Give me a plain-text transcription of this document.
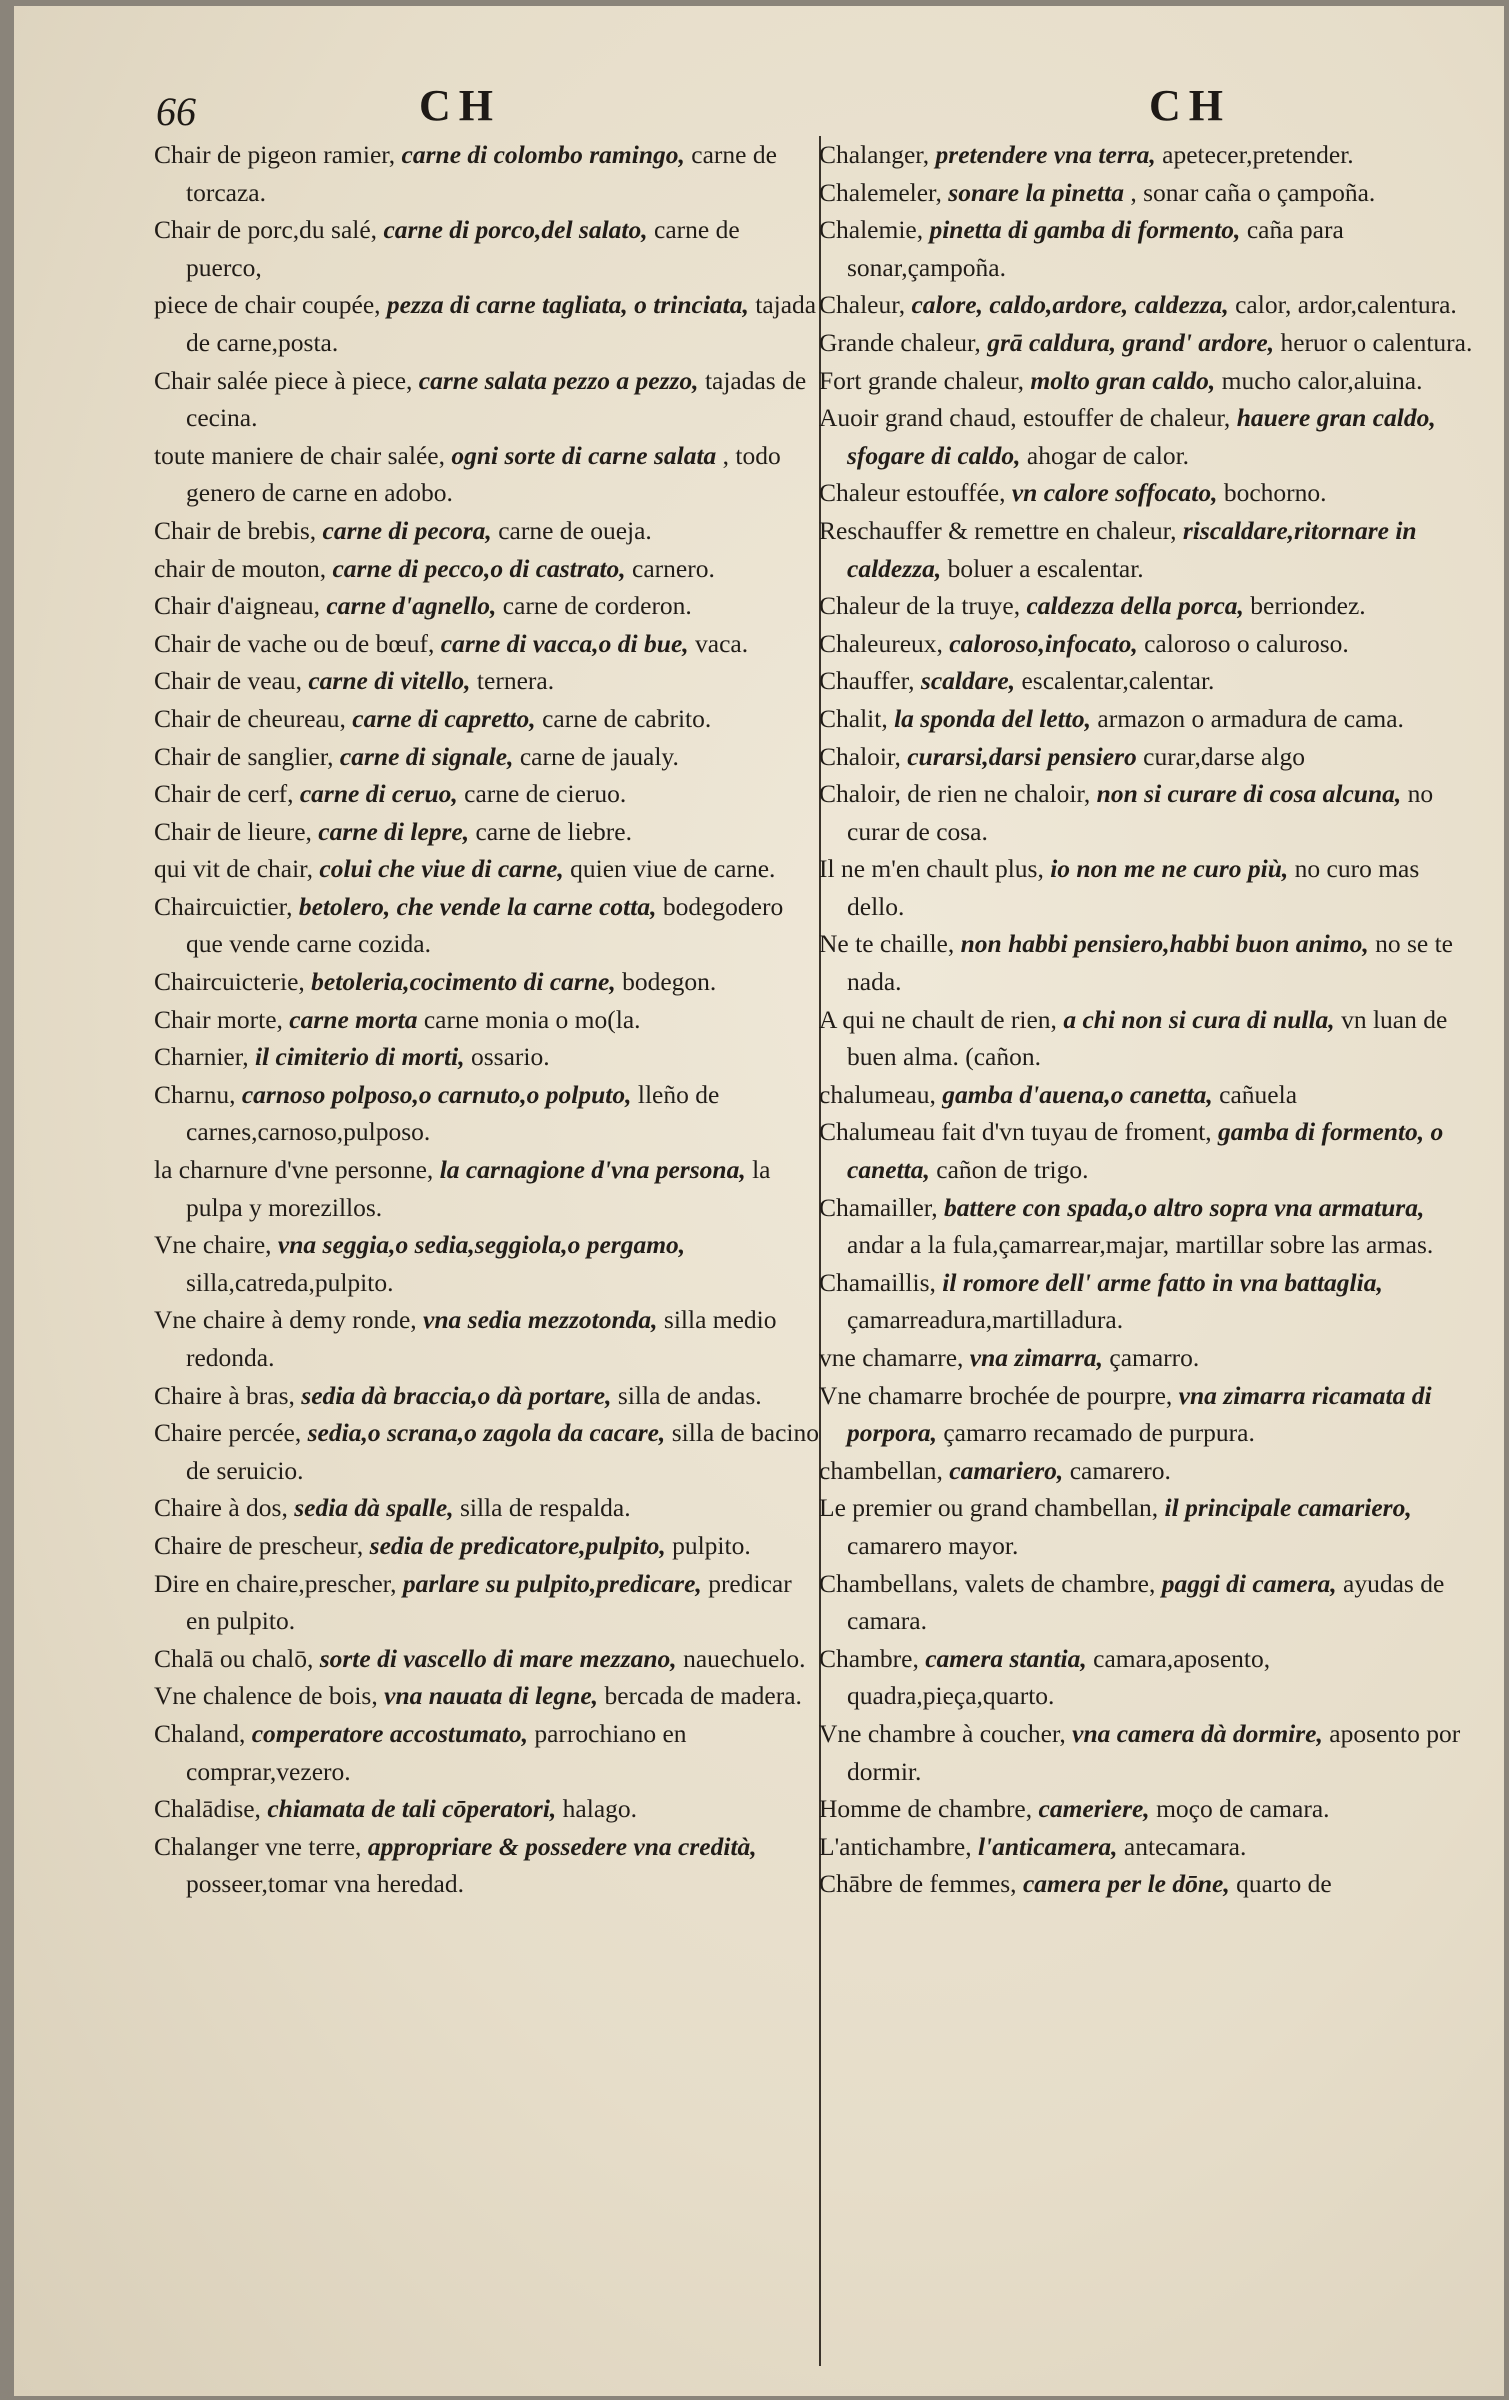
66	CH	CH
Chair de pigeon ramier, carne di colombo ramingo, carne de torcaza.
Chair de porc,du salé, carne di porco,del salato, carne de puerco,
piece de chair coupée, pezza di carne tagliata, o trinciata, tajada de carne,posta.
Chair salée piece à piece, carne salata pezzo a pezzo, tajadas de cecina.
toute maniere de chair salée, ogni sorte di carne salata , todo genero de carne en adobo.
Chair de brebis, carne di pecora, carne de oueja.
chair de mouton, carne di pecco,o di castrato, carnero.
Chair d'aigneau, carne d'agnello, carne de corderon.
Chair de vache ou de bœuf, carne di vacca,o di bue, vaca.
Chair de veau, carne di vitello, ternera.
Chair de cheureau, carne di capretto, carne de cabrito.
Chair de sanglier, carne di signale, carne de jaualy.
Chair de cerf, carne di ceruo, carne de cieruo.
Chair de lieure, carne di lepre, carne de liebre.
qui vit de chair, colui che viue di carne, quien viue de carne.
Chaircuictier, betolero, che vende la carne cotta, bodegodero que vende carne cozida.
Chaircuicterie, betoleria,cocimento di carne, bodegon.
Chair morte, carne morta carne monia o mo(la.
Charnier, il cimiterio di morti, ossario.
Charnu, carnoso polposo,o carnuto,o polputo, lleño de carnes,carnoso,pulposo.
la charnure d'vne personne, la carnagione d'vna persona, la pulpa y morezillos.
Vne chaire, vna seggia,o sedia,seggiola,o pergamo, silla,catreda,pulpito.
Vne chaire à demy ronde, vna sedia mezzotonda, silla medio redonda.
Chaire à bras, sedia dà braccia,o dà portare, silla de andas.
Chaire percée, sedia,o scrana,o zagola da cacare, silla de bacino de seruicio.
Chaire à dos, sedia dà spalle, silla de respalda.
Chaire de prescheur, sedia de predicatore,pulpito, pulpito.
Dire en chaire,prescher, parlare su pulpito,predicare, predicar en pulpito.
Chalā ou chalō, sorte di vascello di mare mezzano, nauechuelo.
Vne chalence de bois, vna nauata di legne, bercada de madera.
Chaland, comperatore accostumato, parrochiano en comprar,vezero.
Chalādise, chiamata de tali cōperatori, halago.
Chalanger vne terre, appropriare & possedere vna credità, posseer,tomar vna heredad.
Chalanger, pretendere vna terra, apetecer,pretender.
Chalemeler, sonare la pinetta , sonar caña o çampoña.
Chalemie, pinetta di gamba di formento, caña para sonar,çampoña.
Chaleur, calore, caldo,ardore, caldezza, calor, ardor,calentura.
Grande chaleur, grā caldura, grand' ardore, heruor o calentura.
Fort grande chaleur, molto gran caldo, mucho calor,aluina.
Auoir grand chaud, estouffer de chaleur, hauere gran caldo, sfogare di caldo, ahogar de calor.
Chaleur estouffée, vn calore soffocato, bochorno.
Reschauffer & remettre en chaleur, riscaldare,ritornare in caldezza, boluer a escalentar.
Chaleur de la truye, caldezza della porca, berriondez.
Chaleureux, caloroso,infocato, caloroso o calurosо.
Chauffer, scaldare, escalentar,calentar.
Chalit, la sponda del letto, armazon o armadura de cama.
Chaloir, curarsi,darsi pensiero curar,darse algo
Chaloir, de rien ne chaloir, non si curare di cosa alcuna, no curar de cosa.
Il ne m'en chault plus, io non me ne curo più, no curo mas dello.
Ne te chaille, non habbi pensiero,habbi buon animo, no se te nada.
A qui ne chault de rien, a chi non si cura di nulla, vn luan de buen alma. (cañon.
chalumeau, gamba d'auena,o canetta, cañuela
Chalumeau fait d'vn tuyau de froment, gamba di formento, o canetta, cañon de trigo.
Chamailler, battere con spada,o altro sopra vna armatura, andar a la fula,çamarrear,majar, martillar sobre las armas.
Chamaillis, il romore dell' arme fatto in vna battaglia, çamarreadura,martilladura.
vne chamarre, vna zimarra, çamarro.
Vne chamarre brochée de pourpre, vna zimarra ricamata di porpora, çamarro recamado de purpura.
chambellan, camariero, camarero.
Le premier ou grand chambellan, il principale camariero, camarero mayor.
Chambellans, valets de chambre, paggi di camera, ayudas de camara.
Chambre, camera stantia, camara,aposento, quadra,pieça,quarto.
Vne chambre à coucher, vna camera dà dormire, aposento por dormir.
Homme de chambre, cameriere, moço de camara.
L'antichambre, l'anticamera, antecamara.
Chābre de femmes, camera per le dōne, quarto de
